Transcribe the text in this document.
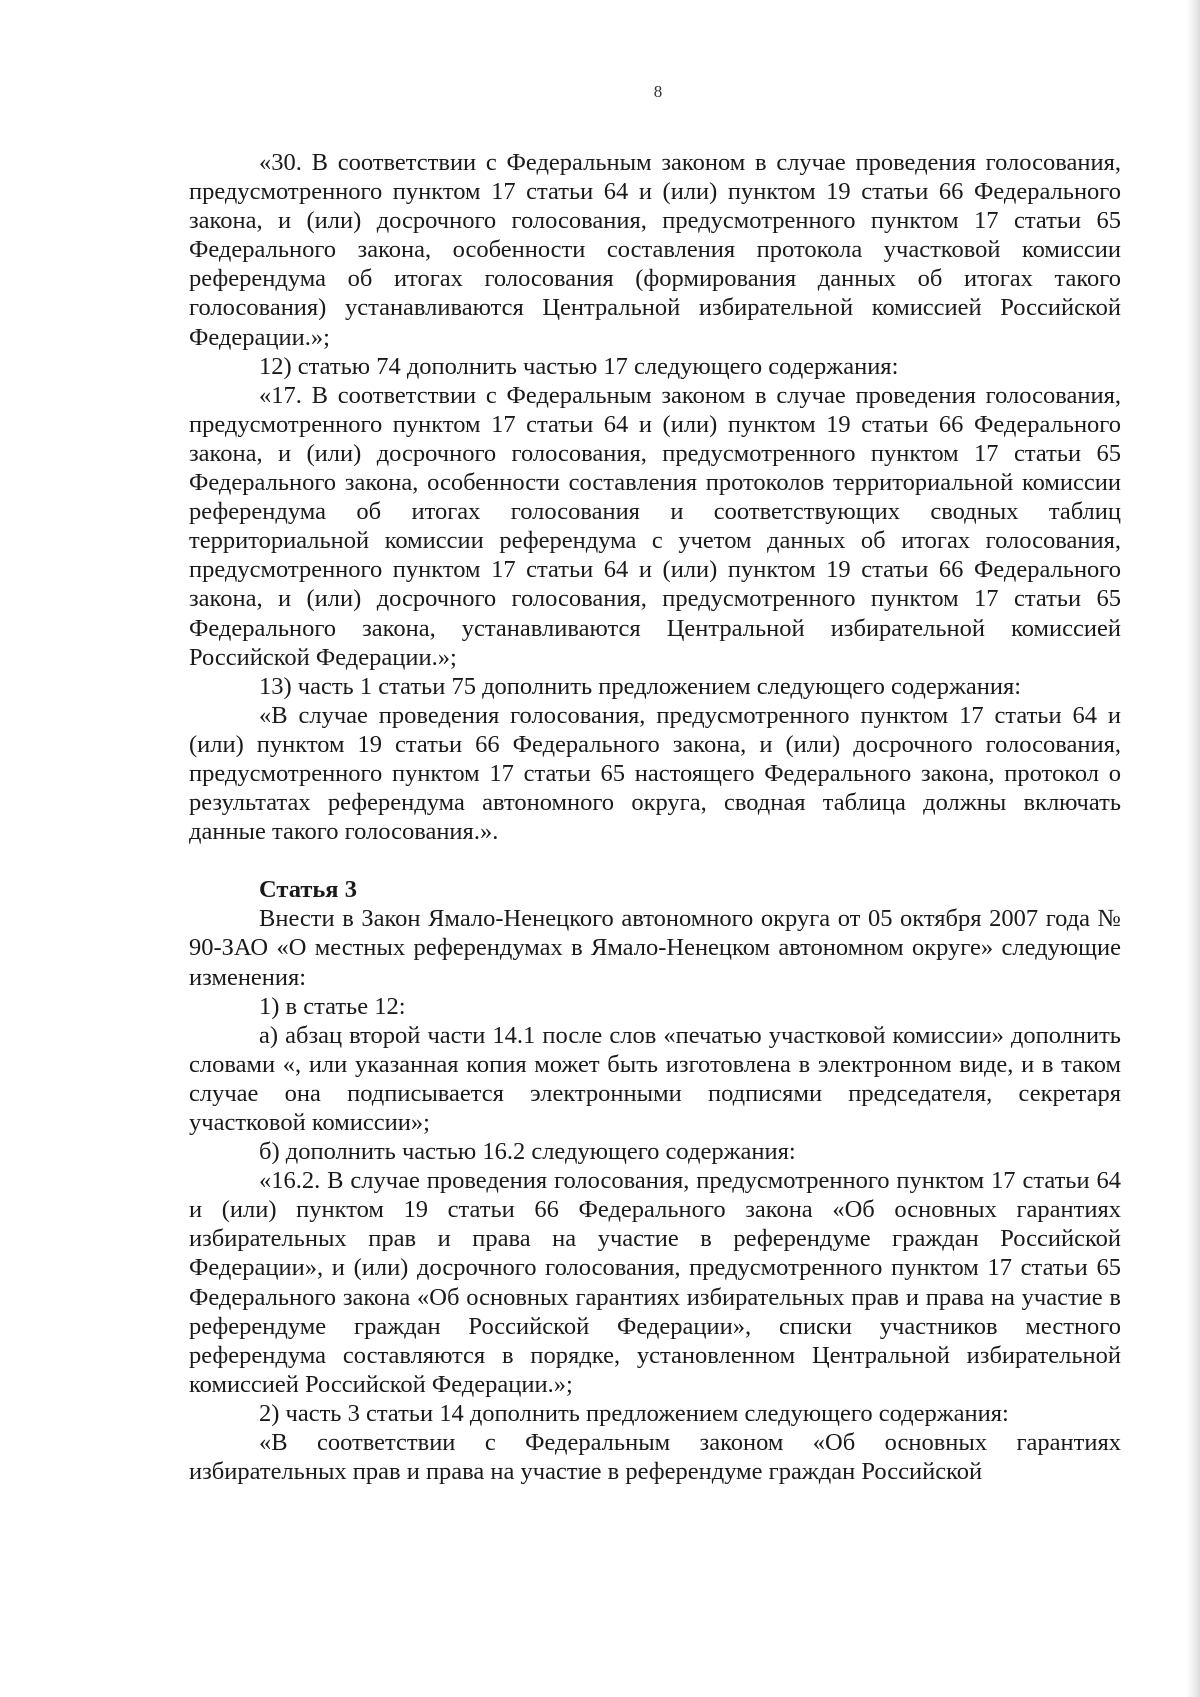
8

«30. В соответствии с Федеральным законом в случае проведения голосования, предусмотренного пунктом 17 статьи 64 и (или) пунктом 19 статьи 66 Федерального закона, и (или) досрочного голосования, предусмотренного пунктом 17 статьи 65 Федерального закона, особенности составления протокола участковой комиссии референдума об итогах голосования (формирования данных об итогах такого голосования) устанавливаются Центральной избирательной комиссией Российской Федерации.»;

12) статью 74 дополнить частью 17 следующего содержания:

«17. В соответствии с Федеральным законом в случае проведения голосования, предусмотренного пунктом 17 статьи 64 и (или) пунктом 19 статьи 66 Федерального закона, и (или) досрочного голосования, предусмотренного пунктом 17 статьи 65 Федерального закона, особенности составления протоколов территориальной комиссии референдума об итогах голосования и соответствующих сводных таблиц территориальной комиссии референдума с учетом данных об итогах голосования, предусмотренного пунктом 17 статьи 64 и (или) пунктом 19 статьи 66 Федерального закона, и (или) досрочного голосования, предусмотренного пунктом 17 статьи 65 Федерального закона, устанавливаются Центральной избирательной комиссией Российской Федерации.»;

13) часть 1 статьи 75 дополнить предложением следующего содержания:

«В случае проведения голосования, предусмотренного пунктом 17 статьи 64 и (или) пунктом 19 статьи 66 Федерального закона, и (или) досрочного голосования, предусмотренного пунктом 17 статьи 65 настоящего Федерального закона, протокол о результатах референдума автономного округа, сводная таблица должны включать данные такого голосования.».

Статья 3

Внести в Закон Ямало-Ненецкого автономного округа от 05 октября 2007 года № 90-ЗАО «О местных референдумах в Ямало-Ненецком автономном округе» следующие изменения:

1) в статье 12:

а) абзац второй части 14.1 после слов «печатью участковой комиссии» дополнить словами «, или указанная копия может быть изготовлена в электронном виде, и в таком случае она подписывается электронными подписями председателя, секретаря участковой комиссии»;

б) дополнить частью 16.2 следующего содержания:

«16.2. В случае проведения голосования, предусмотренного пунктом 17 статьи 64 и (или) пунктом 19 статьи 66 Федерального закона «Об основных гарантиях избирательных прав и права на участие в референдуме граждан Российской Федерации», и (или) досрочного голосования, предусмотренного пунктом 17 статьи 65 Федерального закона «Об основных гарантиях избирательных прав и права на участие в референдуме граждан Российской Федерации», списки участников местного референдума составляются в порядке, установленном Центральной избирательной комиссией Российской Федерации.»;

2) часть 3 статьи 14 дополнить предложением следующего содержания:

«В соответствии с Федеральным законом «Об основных гарантиях избирательных прав и права на участие в референдуме граждан Российской
